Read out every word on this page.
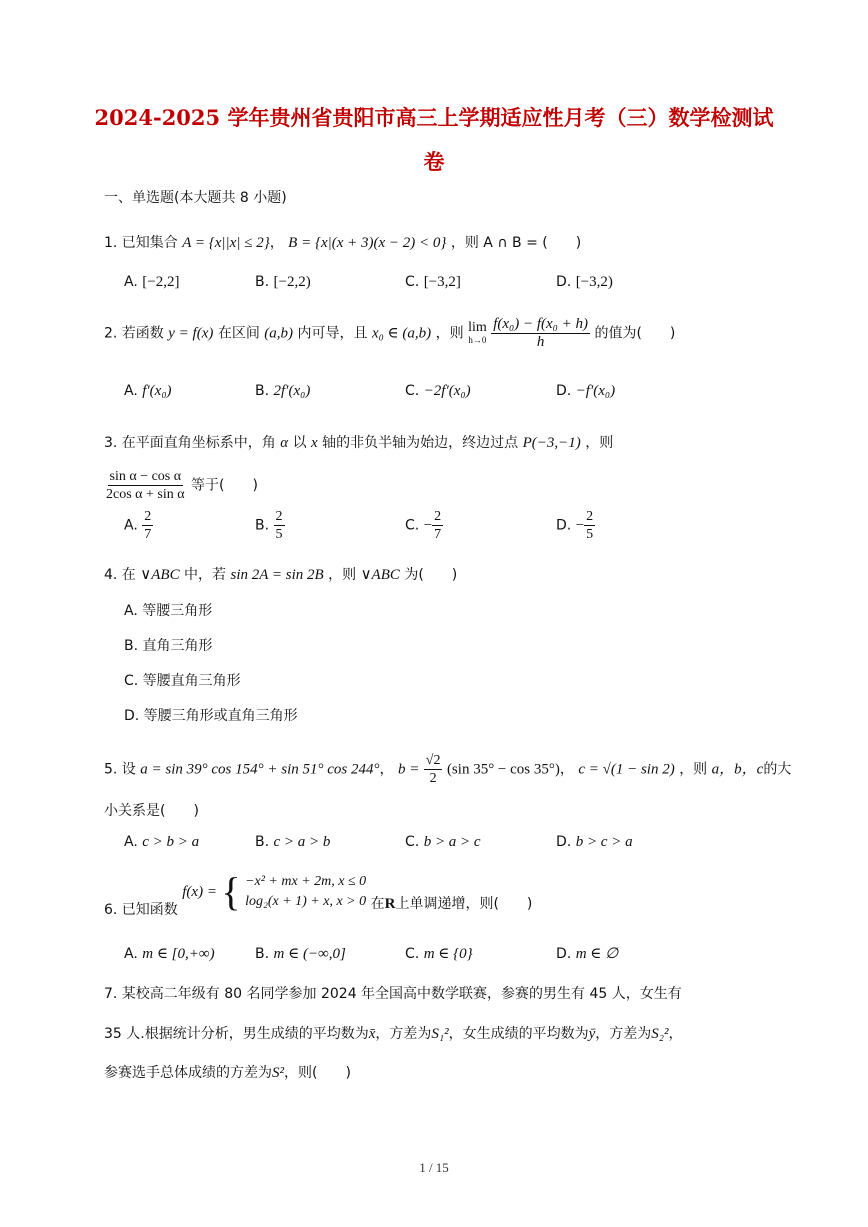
2024-2025 学年贵州省贵阳市高三上学期适应性月考（三）数学检测试
卷
一、单选题(本大题共 8 小题)
1. 已知集合 A = {x||x| ≤ 2}， B = {x|(x + 3)(x − 2) < 0} ，则 A ∩ B = (　　)
A. [−2,2]	B. [−2,2)	C. [−3,2]	D. [−3,2)
2. 若函数 y = f(x) 在区间 (a,b) 内可导，且 x₀ ∈ (a,b) ，则 lim
h→0
$\frac{\text{f(x₀) − f(x₀ + h)}}{h}$ 的值为(　　)
A. f′(x₀)	B. 2f′(x₀)	C. −2f′(x₀)	D. −f′(x₀)
3. 在平面直角坐标系中，角 α 以 x 轴的非负半轴为始边，终边过点 P(−3,−1) ，则
$\frac{\text{sin α − cos α}}{\text{2cos α + sin α}}$ 等于(　　)
A. $\frac{2}{7}$	B. $\frac{2}{5}$	C. − $\frac{2}{7}$	D. − $\frac{2}{5}$
4. 在 ∨ABC 中，若 sin 2A = sin 2B ，则 ∨ABC 为(　　)
A. 等腰三角形
B. 直角三角形
C. 等腰直角三角形
D. 等腰三角形或直角三角形
5. 设 a = sin 39° cos 154° + sin 51° cos 244°， $b = \frac{√2}{2} (\sin$ 35° − cos 35°)， c = √(1 − sin 2) ，则 a，b，c的大
小关系是(　　)
A. c > b > a	B. c > a > b	C. b > a > c	D. b > c > a
6. 已知函数 f(x) = { −x² + mx + 2m, x ≤ 0
log₂(x + 1) + x, x > 0 在R上单调递增，则(　　)
A. m ∈ [0,+∞)	B. m ∈ (−∞,0]	C. m ∈ {0}	D. m ∈ ∅
7. 某校高二年级有 80 名同学参加 2024 年全国高中数学联赛，参赛的男生有 45 人，女生有
35 人.根据统计分析，男生成绩的平均数为x̄，方差为S₁²，女生成绩的平均数为ȳ，方差为S₂²，
参赛选手总体成绩的方差为S²，则(　　)
1 / 15
